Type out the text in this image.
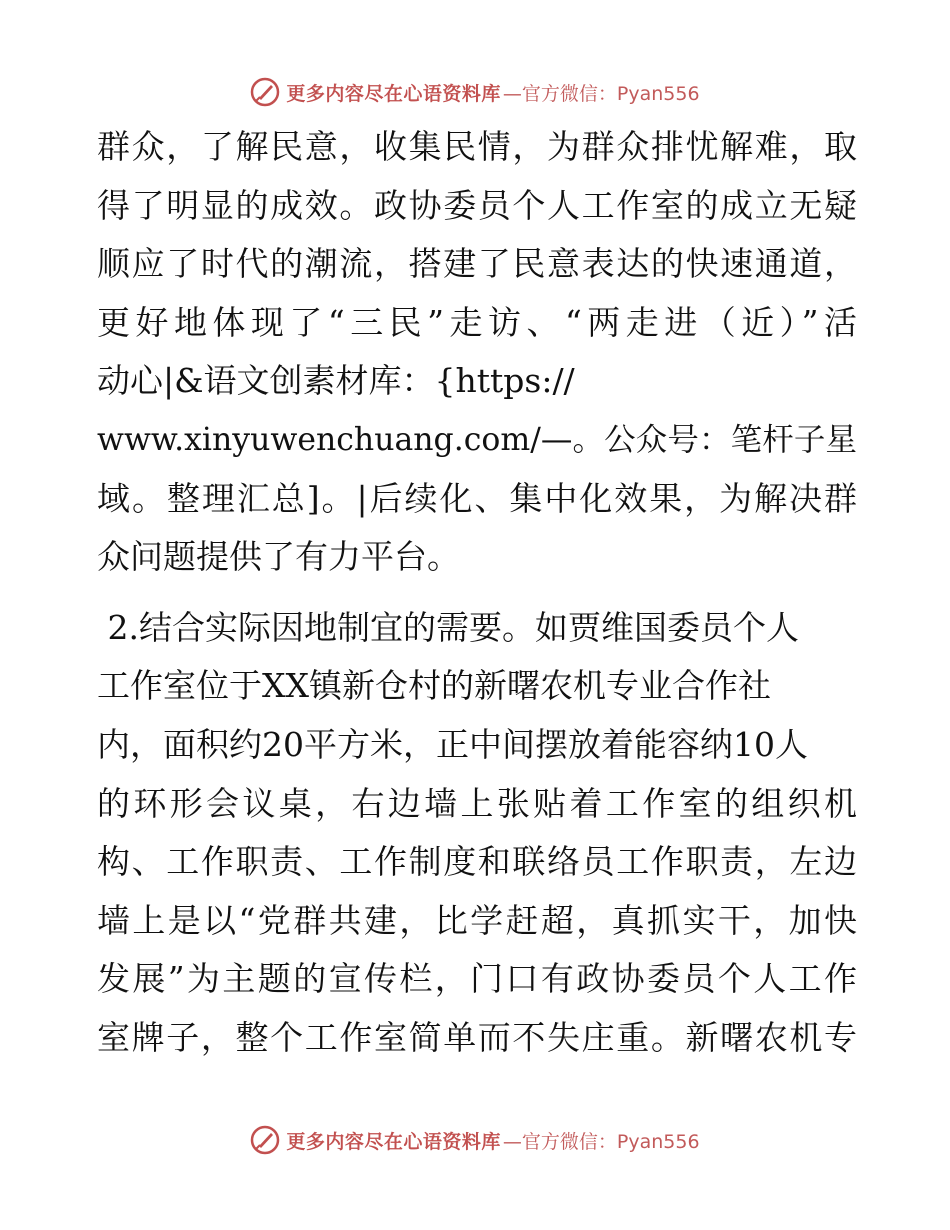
更多内容尽在心语资料库 —官方微信：Pyan556
群众，了解民意，收集民情，为群众排忧解难，取
得了明显的成效。政协委员个人工作室的成立无疑
顺应了时代的潮流，搭建了民意表达的快速通道，
更好地体现了“三民”走访、“两走进（近）”活
动心|&语文创素材库：{https://
www.xinyuwenchuang.com/—。公众号：笔杆子星
域。整理汇总]。|后续化、集中化效果，为解决群
众问题提供了有力平台。
2.结合实际因地制宜的需要。如贾维国委员个人
工作室位于XX镇新仓村的新曙农机专业合作社
内，面积约20平方米，正中间摆放着能容纳10人
的环形会议桌，右边墙上张贴着工作室的组织机
构、工作职责、工作制度和联络员工作职责，左边
墙上是以“党群共建，比学赶超，真抓实干，加快
发展”为主题的宣传栏，门口有政协委员个人工作
室牌子，整个工作室简单而不失庄重。新曙农机专
更多内容尽在心语资料库 —官方微信：Pyan556
